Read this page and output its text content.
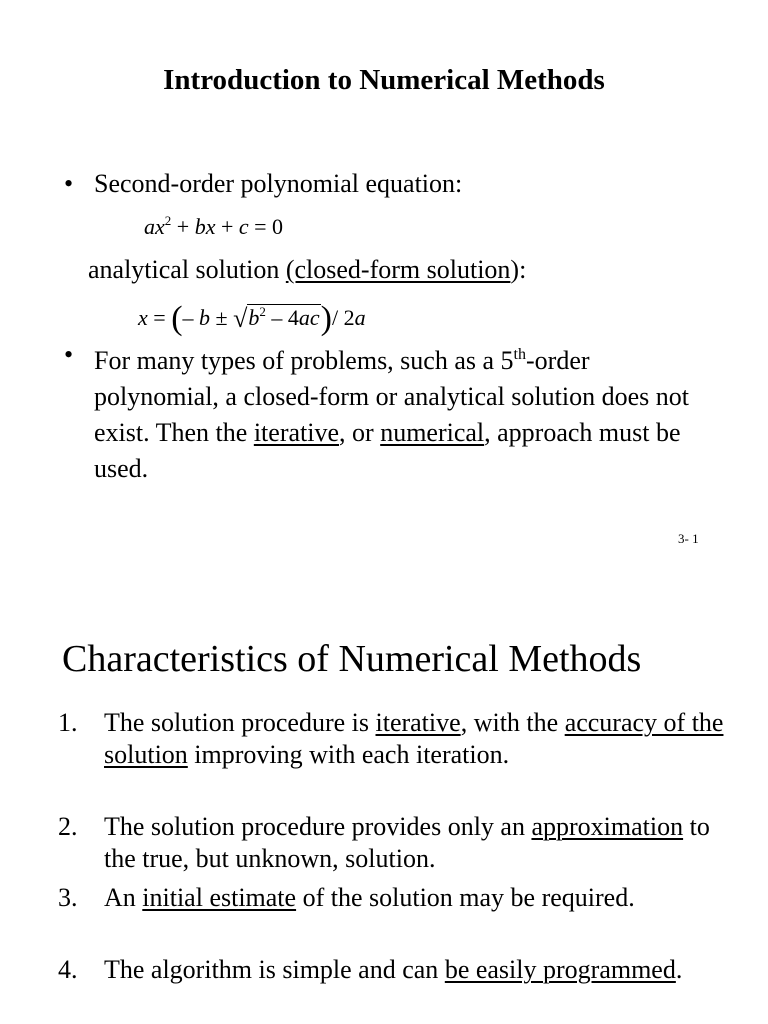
Introduction to Numerical Methods
• Second-order polynomial equation:
$ax^2$ + bx + c = 0
analytical solution (closed-form solution):
x = (– $b \pm √b^2 - 4ac)/$ 2a
• For many types of problems, such as a 5th-order polynomial, a closed-form or analytical solution does not exist. Then the iterative, or numerical, approach must be used.
3- 1
Characteristics of Numerical Methods
1. The solution procedure is iterative, with the accuracy of the solution improving with each iteration.
2. The solution procedure provides only an approximation to the true, but unknown, solution.
3. An initial estimate of the solution may be required.
4. The algorithm is simple and can be easily programmed.
